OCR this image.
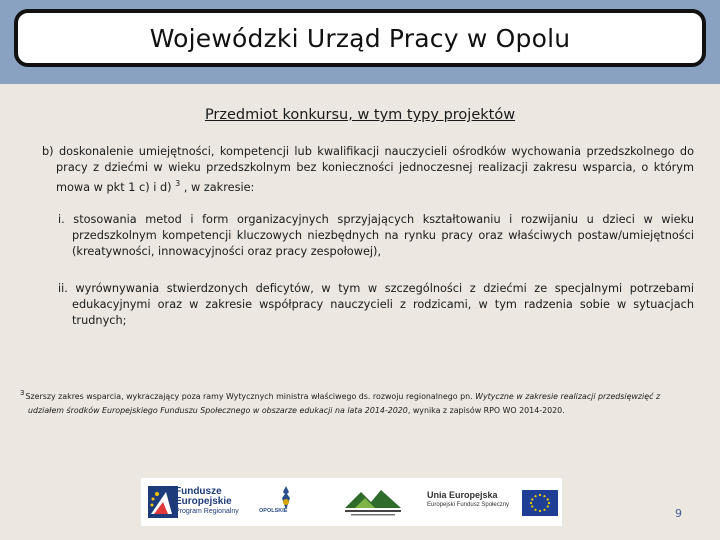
Wojewódzki Urząd Pracy w Opolu
Przedmiot konkursu, w tym typy projektów
b) doskonalenie umiejętności, kompetencji lub kwalifikacji nauczycieli ośrodków wychowania przedszkolnego do pracy z dziećmi w wieku przedszkolnym bez konieczności jednoczesnej realizacji zakresu wsparcia, o którym mowa w pkt 1 c) i d) $^3$ , w zakresie:
i. stosowania metod i form organizacyjnych sprzyjających kształtowaniu i rozwijaniu u dzieci w wieku przedszkolnym kompetencji kluczowych niezbędnych na rynku pracy oraz właściwych postaw/umiejętności (kreatywności, innowacyjności oraz pracy zespołowej),
ii. wyrównywania stwierdzonych deficytów, w tym w szczególności z dziećmi ze specjalnymi potrzebami edukacyjnymi oraz w zakresie współpracy nauczycieli z rodzicami, w tym radzenia sobie w sytuacjach trudnych;
3Szerszy zakres wsparcia, wykraczający poza ramy Wytycznych ministra właściwego ds. rozwoju regionalnego pn. Wytyczne w zakresie realizacji przedsięwzięć z
udziałem środków Europejskiego Funduszu Społecznego w obszarze edukacji na lata 2014-2020, wynika z zapisów RPO WO 2014-2020.
Fundusze
Europejskie
Program Regionalny	OPOLSKIE
Unia Europejska
Europejski Fundusz Społeczny
9
